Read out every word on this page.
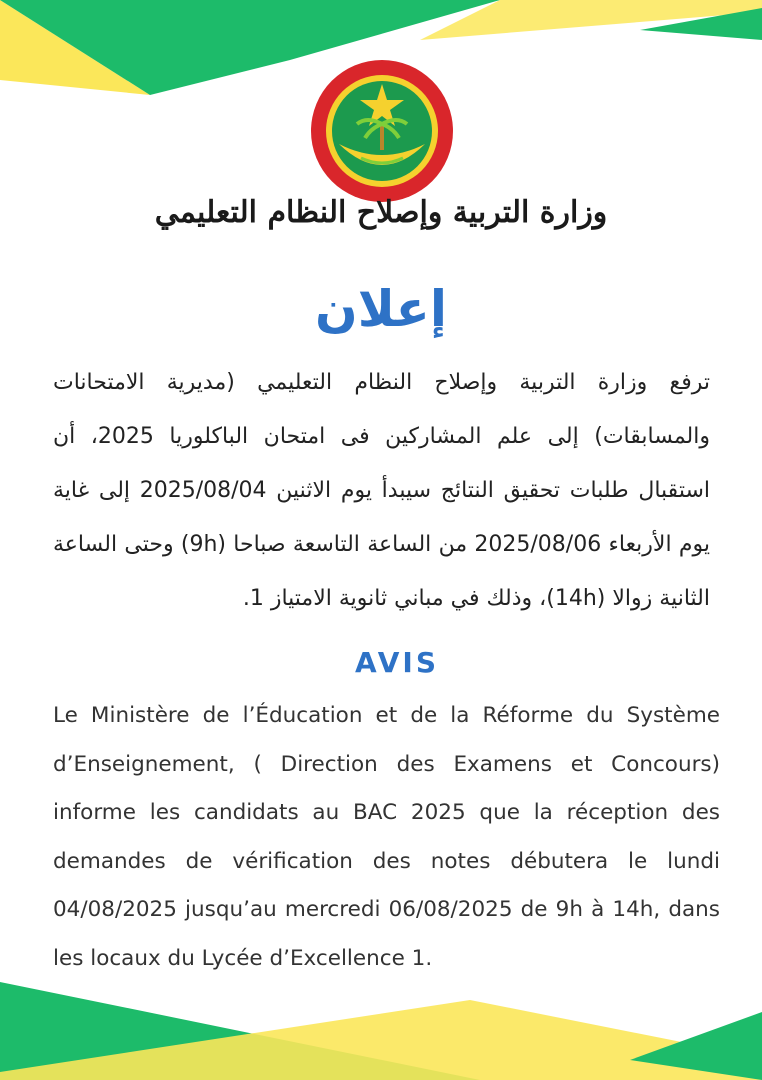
وزارة التربية وإصلاح النظام التعليمي
إعلان
ترفع وزارة التربية وإصلاح النظام التعليمي (مديرية الامتحانات والمسابقات) إلى علم المشاركين فى امتحان الباكلوريا 2025، أن استقبال طلبات تحقيق النتائج سيبدأ يوم الاثنين 2025/08/04 إلى غاية يوم الأربعاء 2025/08/06 من الساعة التاسعة صباحا (9h) وحتى الساعة الثانية زوالا (14h)، وذلك في مباني ثانوية الامتياز 1.
AVIS
Le Ministère de l’Éducation et de la Réforme du Système d’Enseignement, ( Direction des Examens et Concours) informe les candidats au BAC 2025 que la réception des demandes de vérification des notes débutera le lundi 04/08/2025 jusqu’au mercredi 06/08/2025 de 9h à 14h, dans les locaux du Lycée d’Excellence 1.
